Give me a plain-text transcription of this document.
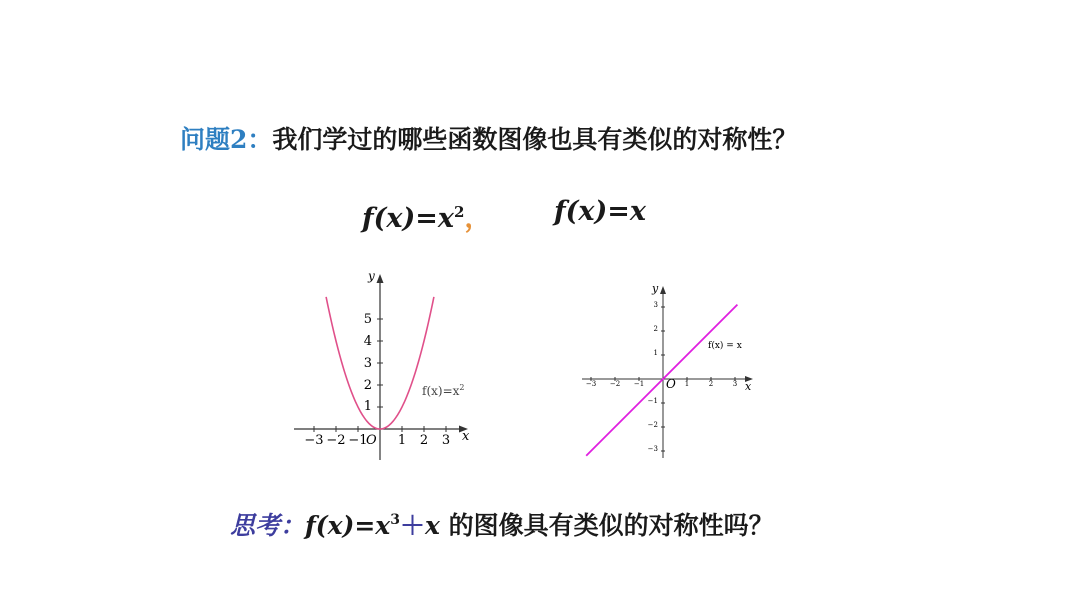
问题2：我们学过的哪些函数图像也具有类似的对称性？
$f(x)=x^2$， f(x)=x
y
x
O
−3 −2 −1 1 2 3
1
2
3
4
5
$f(x)=x^2$
y
x
O
−3 −2 −1	1	2	3
3
2
1
−1
−2
−3
f(x) = x
思考：$f(x)=x^3+x$ 的图像具有类似的对称性吗？
